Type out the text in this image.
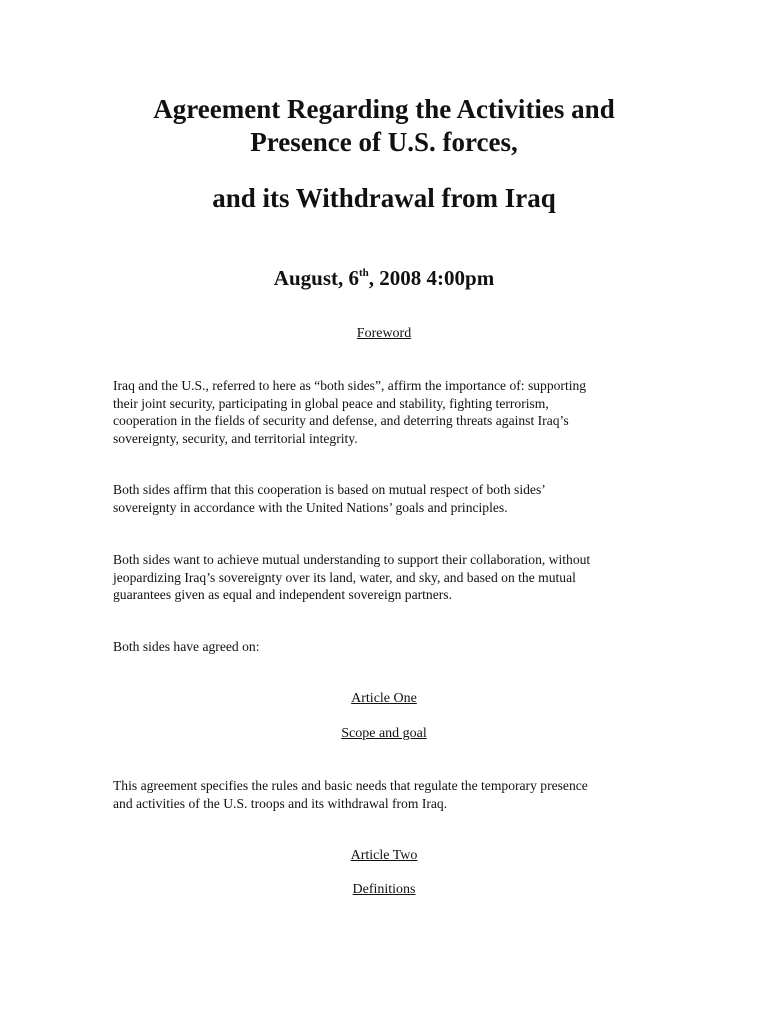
Agreement Regarding the Activities and
Presence of U.S. forces,
and its Withdrawal from Iraq
August, 6th, 2008 4:00pm
Foreword
Iraq and the U.S., referred to here as “both sides”, affirm the importance of: supporting
their joint security, participating in global peace and stability, fighting terrorism,
cooperation in the fields of security and defense, and deterring threats against Iraq’s
sovereignty, security, and territorial integrity.
Both sides affirm that this cooperation is based on mutual respect of both sides’
sovereignty in accordance with the United Nations’ goals and principles.
Both sides want to achieve mutual understanding to support their collaboration, without
jeopardizing Iraq’s sovereignty over its land, water, and sky, and based on the mutual
guarantees given as equal and independent sovereign partners.
Both sides have agreed on:
Article One
Scope and goal
This agreement specifies the rules and basic needs that regulate the temporary presence
and activities of the U.S. troops and its withdrawal from Iraq.
Article Two
Definitions
